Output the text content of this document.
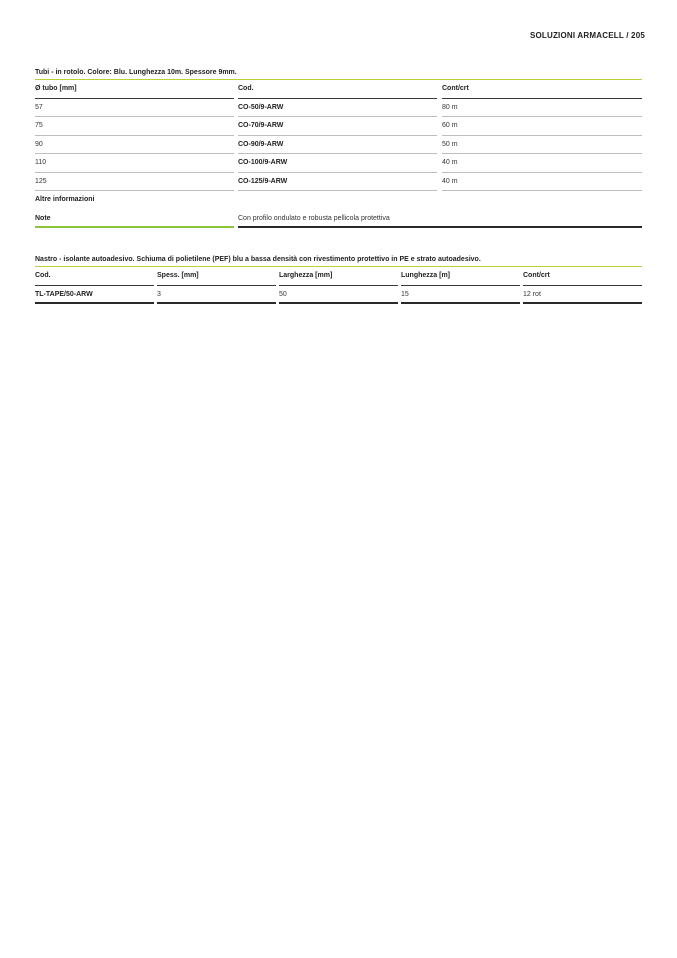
SOLUZIONI ARMACELL / 205
Tubi - in rotolo. Colore: Blu. Lunghezza 10m. Spessore 9mm.
Ø tubo [mm]	Cod.	Cont/crt
57	CO-50/9-ARW	80 m
75	CO-70/9-ARW	60 m
90	CO-90/9-ARW	50 m
110	CO-100/9-ARW	40 m
125	CO-125/9-ARW	40 m
Altre informazioni
Note	Con profilo ondulato e robusta pellicola protettiva
Nastro - isolante autoadesivo. Schiuma di polietilene (PEF) blu a bassa densità con rivestimento protettivo in PE e strato autoadesivo.
Cod.	Spess. [mm]	Larghezza [mm]	Lunghezza [m]	Cont/crt
TL-TAPE/50-ARW	3	50	15	12 rot
